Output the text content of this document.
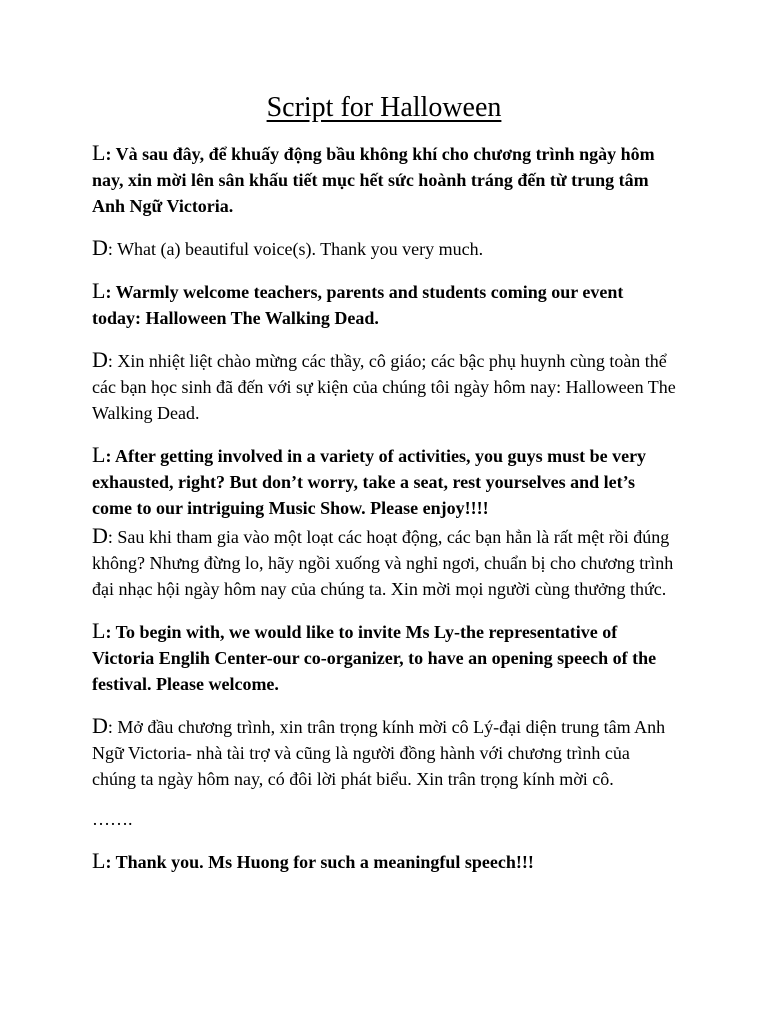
Script for Halloween

L: Và sau đây, để khuấy động bầu không khí cho chương trình ngày hôm nay, xin mời lên sân khấu tiết mục hết sức hoành tráng đến từ trung tâm Anh Ngữ Victoria.

D: What (a) beautiful voice(s). Thank you very much.

L: Warmly welcome teachers, parents and students coming our event today: Halloween The Walking Dead.

D: Xin nhiệt liệt chào mừng các thầy, cô giáo; các bậc phụ huynh cùng toàn thể các bạn học sinh đã đến với sự kiện của chúng tôi ngày hôm nay: Halloween The Walking Dead.

L: After getting involved in a variety of activities, you guys must be very exhausted, right? But don’t worry, take a seat, rest yourselves and let’s come to our intriguing Music Show. Please enjoy!!!!

D: Sau khi tham gia vào một loạt các hoạt động, các bạn hẳn là rất mệt rồi đúng không? Nhưng đừng lo, hãy ngồi xuống và nghỉ ngơi, chuẩn bị cho chương trình đại nhạc hội ngày hôm nay của chúng ta. Xin mời mọi người cùng thưởng thức.

L: To begin with, we would like to invite Ms Ly-the representative of Victoria Englih Center-our co-organizer, to have an opening speech of the festival. Please welcome.

D: Mở đầu chương trình, xin trân trọng kính mời cô Lý-đại diện trung tâm Anh Ngữ Victoria- nhà tài trợ và cũng là người đồng hành với chương trình của chúng ta ngày hôm nay, có đôi lời phát biểu. Xin trân trọng kính mời cô.

…….

L: Thank you. Ms Huong for such a meaningful speech!!!
